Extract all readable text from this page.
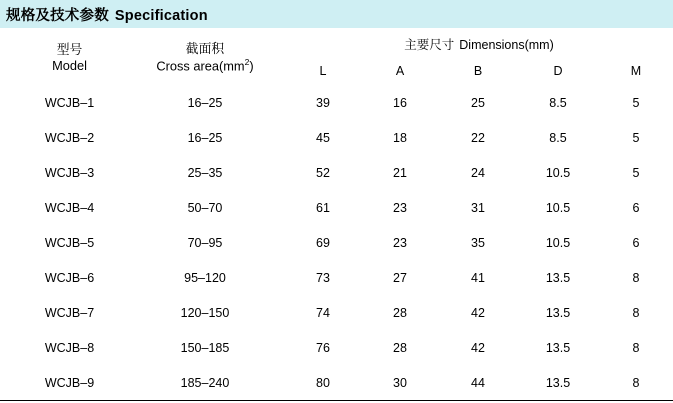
规格及技术参数 Specification
型号
Model

截面积
Cross $area(mm^2)$
	主要尺寸 Dimensions(mm)
		L	A	B	D	M
WCJB–1	16–25	39	16	25	8.5	5
WCJB–2	16–25	45	18	22	8.5	5
WCJB–3	25–35	52	21	24	10.5	5
WCJB–4	50–70	61	23	31	10.5	6
WCJB–5	70–95	69	23	35	10.5	6
WCJB–6	95–120	73	27	41	13.5	8
WCJB–7	120–150	74	28	42	13.5	8
WCJB–8	150–185	76	28	42	13.5	8
WCJB–9	185–240	80	30	44	13.5	8
